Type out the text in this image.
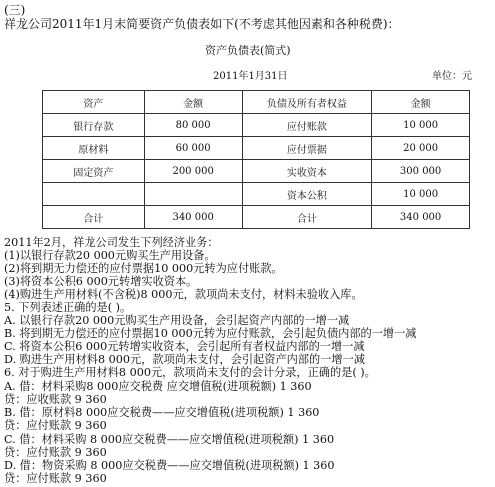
(三)
祥龙公司2011年1月末简要资产负债表如下(不考虑其他因素和各种税费)：
资产负债表(简式)
2011年1月31日	单位：元
资产	金额	负债及所有者权益	金额
银行存款	80 000	应付账款	10 000
原材料	60 000	应付票据	20 000
固定资产	200 000	实收资本	300 000
		资本公积	10 000
合计	340 000	合计	340 000
2011年2月，祥龙公司发生下列经济业务：
(1)以银行存款20 000元购买生产用设备。
(2)将到期无力偿还的应付票据10 000元转为应付账款。
(3)将资本公积6 000元转增实收资本。
(4)购进生产用材料(不含税)8 000元，款项尚未支付，材料未验收入库。
5. 下列表述正确的是( )。
A. 以银行存款20 000元购买生产用设备，会引起资产内部的一增一减
B. 将到期无力偿还的应付票据10 000元转为应付账款，会引起负债内部的一增一减
C. 将资本公积6 000元转增实收资本，会引起所有者权益内部的一增一减
D. 购进生产用材料8 000元，款项尚未支付，会引起资产内部的一增一减
6. 对于购进生产用材料8 000元，款项尚未支付的会计分录，正确的是( )。
A. 借：材料采购8 000应交税费 应交增值税(进项税额) 1 360
贷：应收账款 9 360
B. 借：原材料8 000应交税费——应交增值税(进项税额) 1 360
贷：应付账款 9 360
C. 借：材料采购 8 000应交税费——应交增值税(进项税额) 1 360
贷：应付账款 9 360
D. 借：物资采购 8 000应交税费——应交增值税(进项税额) 1 360
贷：应付账款 9 360
